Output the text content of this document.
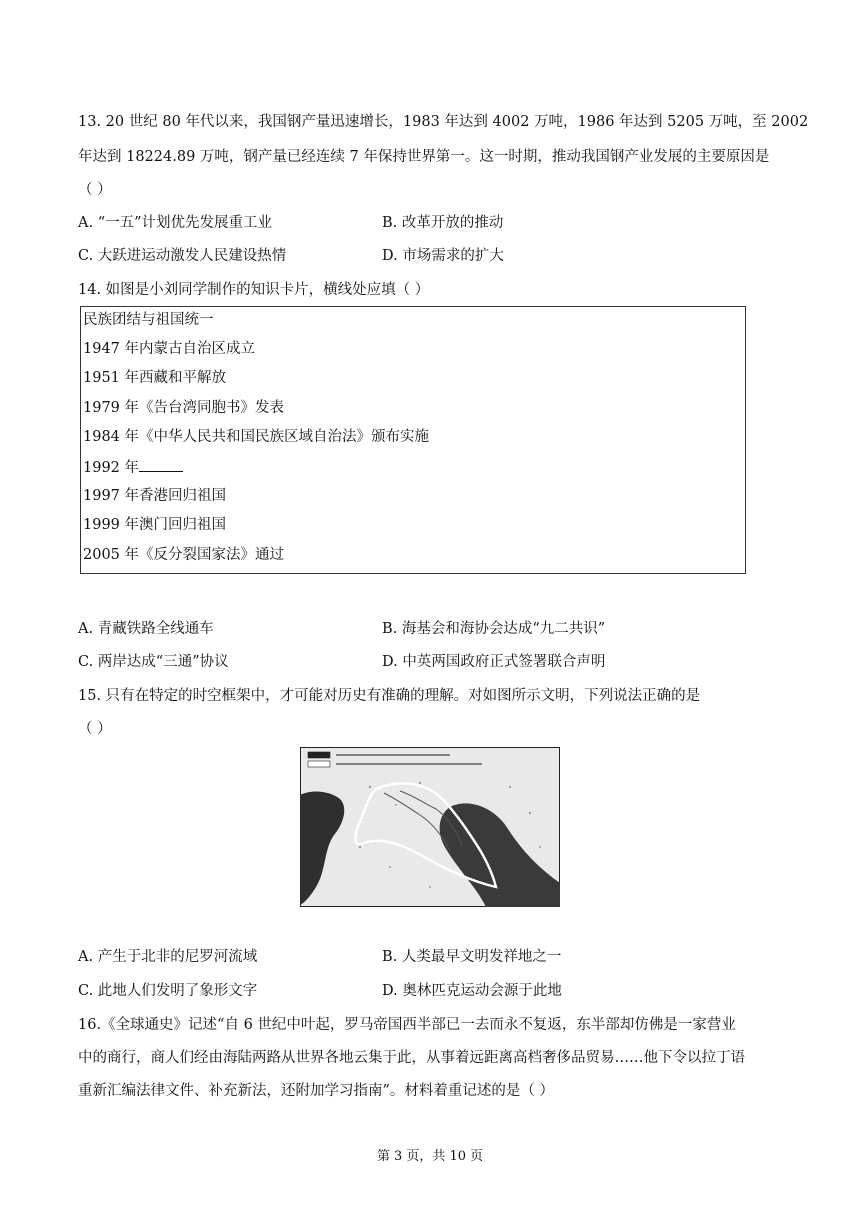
13. 20 世纪 80 年代以来，我国钢产量迅速增长，1983 年达到 4002 万吨，1986 年达到 5205 万吨，至 2002
年达到 18224.89 万吨，钢产量已经连续 7 年保持世界第一。这一时期，推动我国钢产业发展的主要原因是
（ ）
A. “一五”计划优先发展重工业	B. 改革开放的推动
C. 大跃进运动激发人民建设热情	D. 市场需求的扩大
14. 如图是小刘同学制作的知识卡片，横线处应填（ ）
民族团结与祖国统一
1947 年内蒙古自治区成立
1951 年西藏和平解放
1979 年《告台湾同胞书》发表
1984 年《中华人民共和国民族区域自治法》颁布实施
1992 年
1997 年香港回归祖国
1999 年澳门回归祖国
2005 年《反分裂国家法》通过
A. 青藏铁路全线通车	B. 海基会和海协会达成“九二共识”
C. 两岸达成“三通”协议	D. 中英两国政府正式签署联合声明
15. 只有在特定的时空框架中，才可能对历史有准确的理解。对如图所示文明，下列说法正确的是
（ ）
A. 产生于北非的尼罗河流域	B. 人类最早文明发祥地之一
C. 此地人们发明了象形文字	D. 奥林匹克运动会源于此地
16.《全球通史》记述“自 6 世纪中叶起，罗马帝国西半部已一去而永不复返，东半部却仿佛是一家营业
中的商行，商人们经由海陆两路从世界各地云集于此，从事着远距离高档奢侈品贸易……他下令以拉丁语
重新汇编法律文件、补充新法，还附加学习指南”。材料着重记述的是（ ）
第 3 页，共 10 页
